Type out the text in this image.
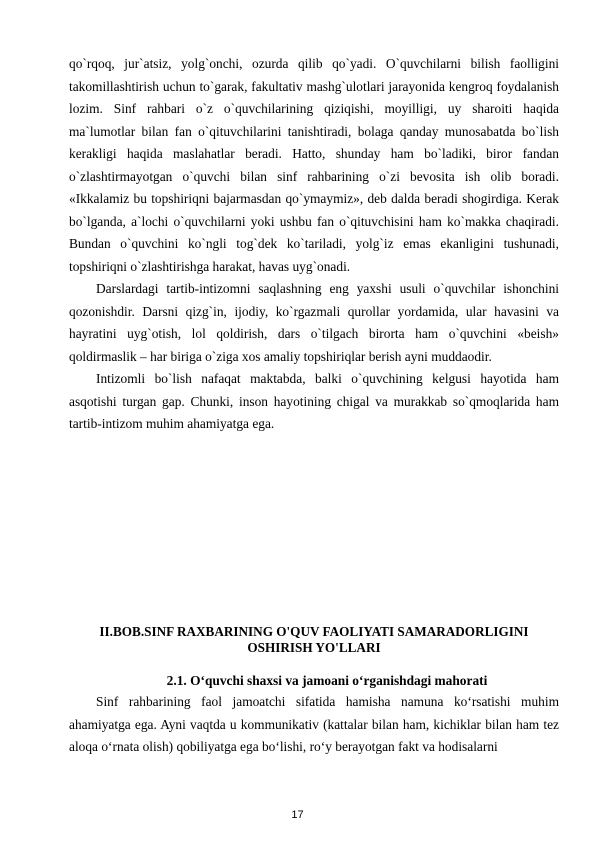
qo`rqoq, jur`atsiz, yolg`onchi, ozurda qilib qo`yadi. O`quvchilarni bilish faolligini takomillashtirish uchun to`garak, fakultativ mashg`ulotlari jarayonida kengroq foydalanish lozim. Sinf rahbari o`z o`quvchilarining qiziqishi, moyilligi, uy sharoiti haqida ma`lumotlar bilan fan o`qituvchilarini tanishtiradi, bolaga qanday munosabatda bo`lish kerakligi haqida maslahatlar beradi. Hatto, shunday ham bo`ladiki, biror fandan o`zlashtirmayotgan o`quvchi bilan sinf rahbarining o`zi bevosita ish olib boradi. «Ikkalamiz bu topshiriqni bajarmasdan qo`ymaymiz», deb dalda beradi shogirdiga. Kerak bo`lganda, a`lochi o`quvchilarni yoki ushbu fan o`qituvchisini ham ko`makka chaqiradi. Bundan o`quvchini ko`ngli tog`dek ko`tariladi, yolg`iz emas ekanligini tushunadi, topshiriqni o`zlashtirishga harakat, havas uyg`onadi.

Darslardagi tartib-intizomni saqlashning eng yaxshi usuli o`quvchilar ishonchini qozonishdir. Darsni qizg`in, ijodiy, ko`rgazmali qurollar yordamida, ular havasini va hayratini uyg`otish, lol qoldirish, dars o`tilgach birorta ham o`quvchini «beish» qoldirmaslik – har biriga o`ziga xos amaliy topshiriqlar berish ayni muddaodir.

Intizomli bo`lish nafaqat maktabda, balki o`quvchining kelgusi hayotida ham asqotishi turgan gap. Chunki, inson hayotining chigal va murakkab so`qmoqlarida ham tartib-intizom muhim ahamiyatga ega.

II.BOB.SINF RAXBARINING O'QUV FAOLIYATI SAMARADORLIGINI OSHIRISH YO'LLARI
2.1. O‘quvchi shaxsi va jamoani o‘rganishdagi mahorati

Sinf rahbarining faol jamoatchi sifatida hamisha namuna ko‘rsatishi muhim ahamiyatga ega. Ayni vaqtda u kommunikativ (kattalar bilan ham, kichiklar bilan ham tez aloqa o‘rnata olish) qobiliyatga ega bo‘lishi, ro‘y berayotgan fakt va hodisalarni

17
